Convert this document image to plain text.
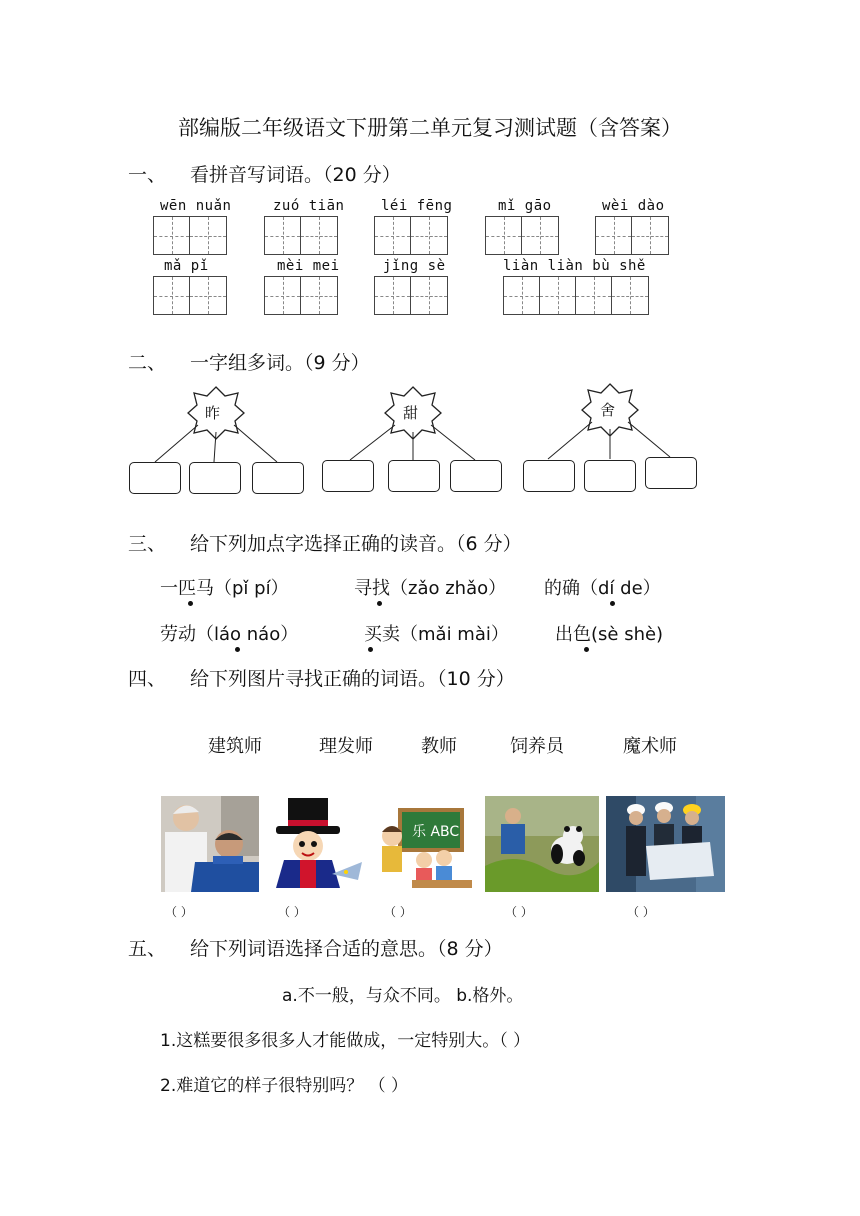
部编版二年级语文下册第二单元复习测试题（含答案）
一、 看拼音写词语。（20 分）
wēn nuǎn	zuó tiān	léi fēng	mǐ gāo	wèi dào
mǎ pǐ	mèi mei	jǐng sè	liàn liàn bù shě
二、 一字组多词。（9 分）
昨	甜	舍
三、 给下列加点字选择正确的读音。（6 分）
一匹马（pǐ pí）	寻找（zǎo zhǎo） 的确（dí de）
劳动（láo náo）	买卖（mǎi mài）	出色(sè shè)
四、 给下列图片寻找正确的词语。（10 分）
建筑师	理发师	教师	饲养员	魔术师
乐 ABC
（ ）	（ ）	（ ）	（ ）	（ ）
五、 给下列词语选择合适的意思。（8 分）
a.不一般，与众不同。 b.格外。
1.这糕要很多很多人才能做成，一定特别大。（ ）
2.难道它的样子很特别吗？ （ ）
